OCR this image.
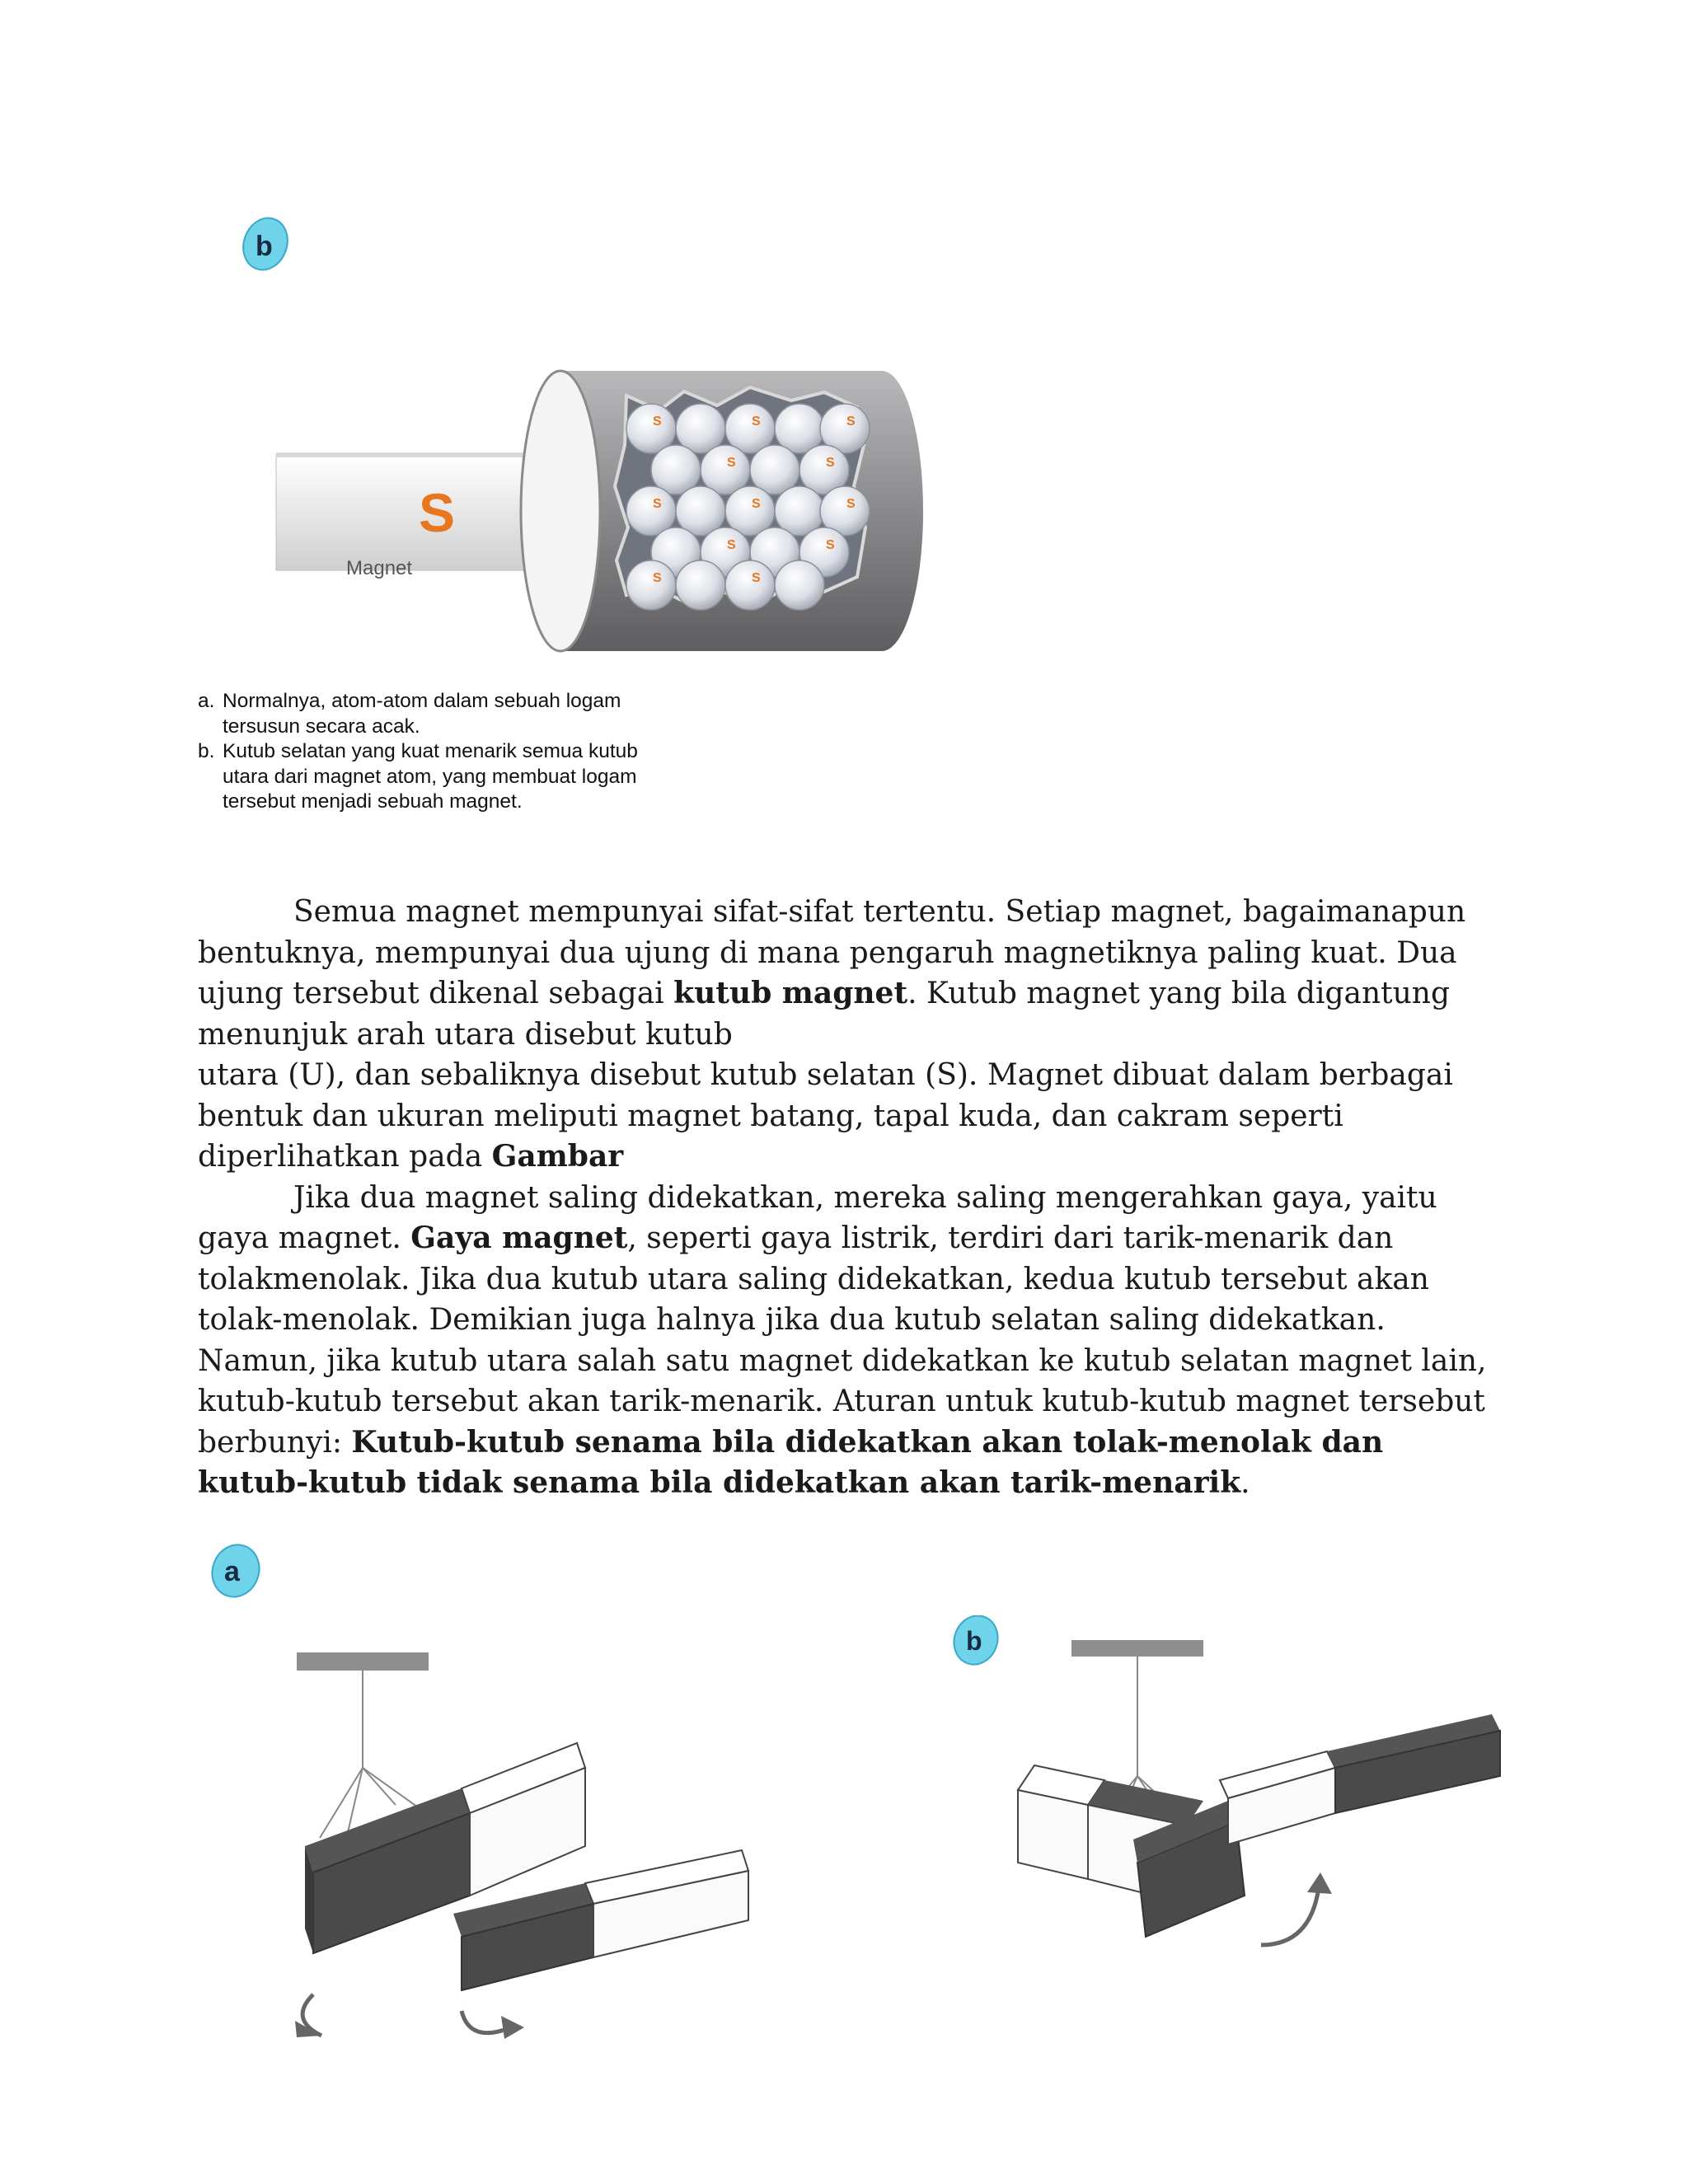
b
S
Magnet
S	S	S
S	S
S	S	S
S	S
S	S
a. Normalnya, atom-atom dalam sebuah logam tersusun secara acak.
b. Kutub selatan yang kuat menarik semua kutub utara dari magnet atom, yang membuat logam tersebut menjadi sebuah magnet.

Semua magnet mempunyai sifat-sifat tertentu. Setiap magnet, bagaimanapun bentuknya, mempunyai dua ujung di mana pengaruh magnetiknya paling kuat. Dua ujung tersebut dikenal sebagai kutub magnet. Kutub magnet yang bila digantung menunjuk arah utara disebut kutub

utara (U), dan sebaliknya disebut kutub selatan (S). Magnet dibuat dalam berbagai bentuk dan ukuran meliputi magnet batang, tapal kuda, dan cakram seperti diperlihatkan pada Gambar

Jika dua magnet saling didekatkan, mereka saling mengerahkan gaya, yaitu gaya magnet. Gaya magnet, seperti gaya listrik, terdiri dari tarik-menarik dan tolakmenolak. Jika dua kutub utara saling didekatkan, kedua kutub tersebut akan tolak-menolak. Demikian juga halnya jika dua kutub selatan saling didekatkan. Namun, jika kutub utara salah satu magnet didekatkan ke kutub selatan magnet lain, kutub-kutub tersebut akan tarik-menarik. Aturan untuk kutub-kutub magnet tersebut berbunyi: Kutub-kutub senama bila didekatkan akan tolak-menolak dan kutub-kutub tidak senama bila didekatkan akan tarik-menarik.

a
b
